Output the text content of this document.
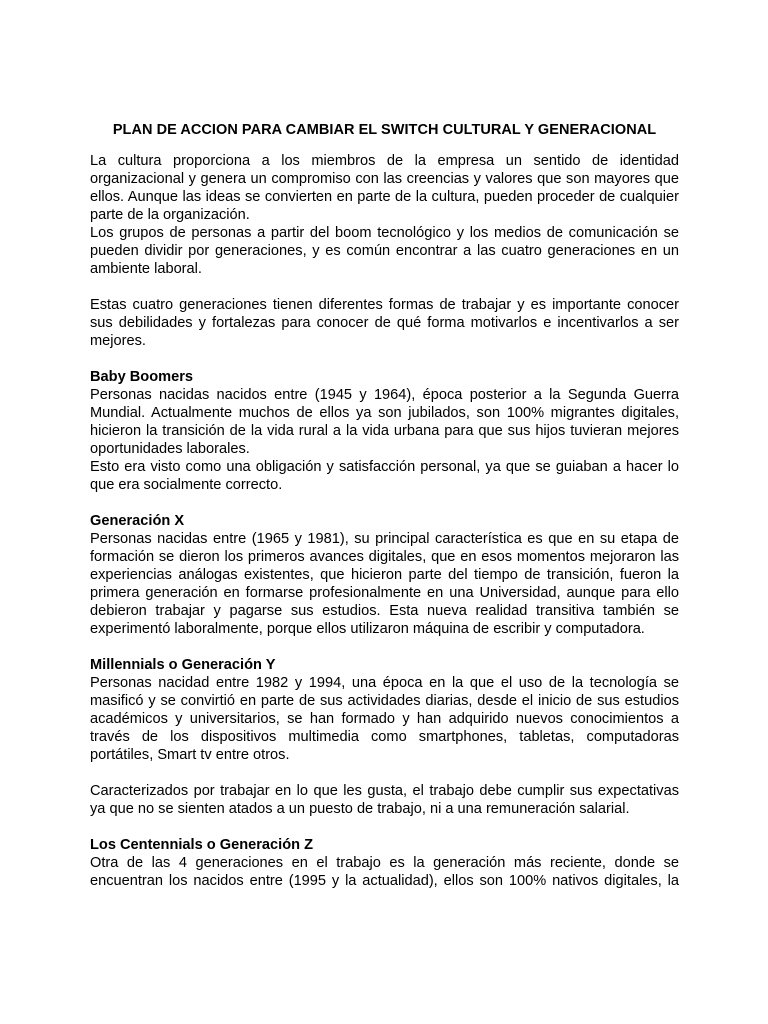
PLAN DE ACCION PARA CAMBIAR EL SWITCH CULTURAL Y GENERACIONAL

La cultura proporciona a los miembros de la empresa un sentido de identidad organizacional y genera un compromiso con las creencias y valores que son mayores que ellos. Aunque las ideas se convierten en parte de la cultura, pueden proceder de cualquier parte de la organización.

Los grupos de personas a partir del boom tecnológico y los medios de comunicación se pueden dividir por generaciones, y es común encontrar a las cuatro generaciones en un ambiente laboral.

Estas cuatro generaciones tienen diferentes formas de trabajar y es importante conocer sus debilidades y fortalezas para conocer de qué forma motivarlos e incentivarlos a ser mejores.

Baby Boomers

Personas nacidas nacidos entre (1945 y 1964), época posterior a la Segunda Guerra Mundial. Actualmente muchos de ellos ya son jubilados, son 100% migrantes digitales, hicieron la transición de la vida rural a la vida urbana para que sus hijos tuvieran mejores oportunidades laborales.

Esto era visto como una obligación y satisfacción personal, ya que se guiaban a hacer lo que era socialmente correcto.

Generación X

Personas nacidas entre (1965 y 1981), su principal característica es que en su etapa de formación se dieron los primeros avances digitales, que en esos momentos mejoraron las experiencias análogas existentes, que hicieron parte del tiempo de transición, fueron la primera generación en formarse profesionalmente en una Universidad, aunque para ello debieron trabajar y pagarse sus estudios. Esta nueva realidad transitiva también se experimentó laboralmente, porque ellos utilizaron máquina de escribir y computadora.

Millennials o Generación Y

Personas nacidad entre 1982 y 1994, una época en la que el uso de la tecnología se masificó y se convirtió en parte de sus actividades diarias, desde el inicio de sus estudios académicos y universitarios, se han formado y han adquirido nuevos conocimientos a través de los dispositivos multimedia como smartphones, tabletas, computadoras portátiles, Smart tv entre otros.

Caracterizados por trabajar en lo que les gusta, el trabajo debe cumplir sus expectativas ya que no se sienten atados a un puesto de trabajo, ni a una remuneración salarial.

Los Centennials o Generación Z

Otra de las 4 generaciones en el trabajo es la generación más reciente, donde se encuentran los nacidos entre (1995 y la actualidad), ellos son 100% nativos digitales, la
